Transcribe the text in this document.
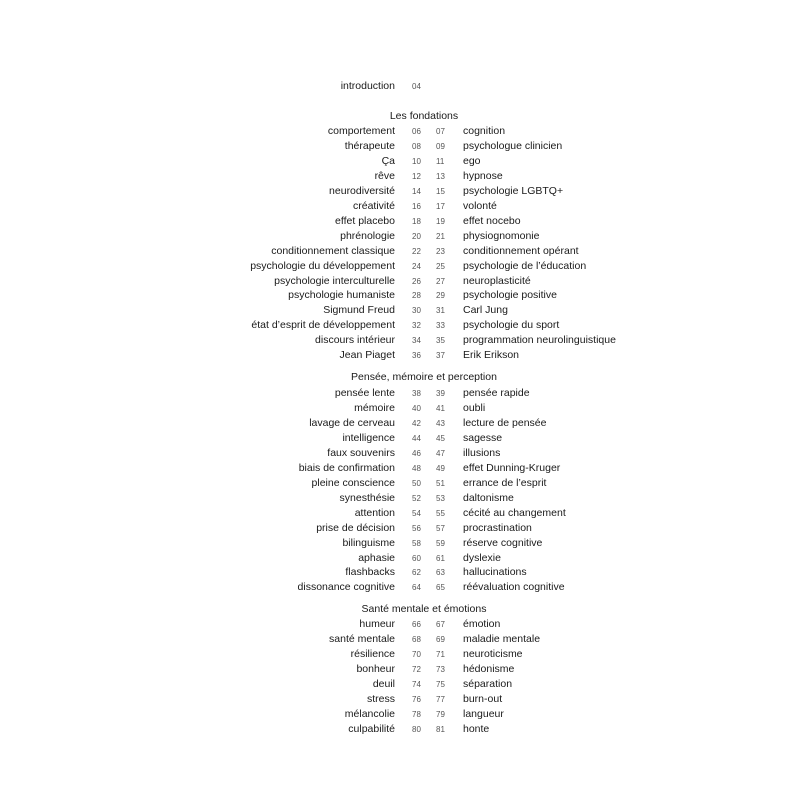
introduction 04
Les fondations
comportement 06 07 cognition
thérapeute 08 09 psychologue clinicien
Ça 10 11 ego
rêve 12 13 hypnose
neurodiversité 14 15 psychologie LGBTQ+
créativité 16 17 volonté
effet placebo 18 19 effet nocebo
phrénologie 20 21 physiognomonie
conditionnement classique 22 23 conditionnement opérant
psychologie du développement 24 25 psychologie de l’éducation
psychologie interculturelle 26 27 neuroplasticité
psychologie humaniste 28 29 psychologie positive
Sigmund Freud 30 31 Carl Jung
état d’esprit de développement 32 33 psychologie du sport
discours intérieur 34 35 programmation neurolinguistique
Jean Piaget 36 37 Erik Erikson
Pensée, mémoire et perception
pensée lente 38 39 pensée rapide
mémoire 40 41 oubli
lavage de cerveau 42 43 lecture de pensée
intelligence 44 45 sagesse
faux souvenirs 46 47 illusions
biais de confirmation 48 49 effet Dunning-Kruger
pleine conscience 50 51 errance de l’esprit
synesthésie 52 53 daltonisme
attention 54 55 cécité au changement
prise de décision 56 57 procrastination
bilinguisme 58 59 réserve cognitive
aphasie 60 61 dyslexie
flashbacks 62 63 hallucinations
dissonance cognitive 64 65 réévaluation cognitive
Santé mentale et émotions
humeur 66 67 émotion
santé mentale 68 69 maladie mentale
résilience 70 71 neuroticisme
bonheur 72 73 hédonisme
deuil 74 75 séparation
stress 76 77 burn-out
mélancolie 78 79 langueur
culpabilité 80 81 honte
